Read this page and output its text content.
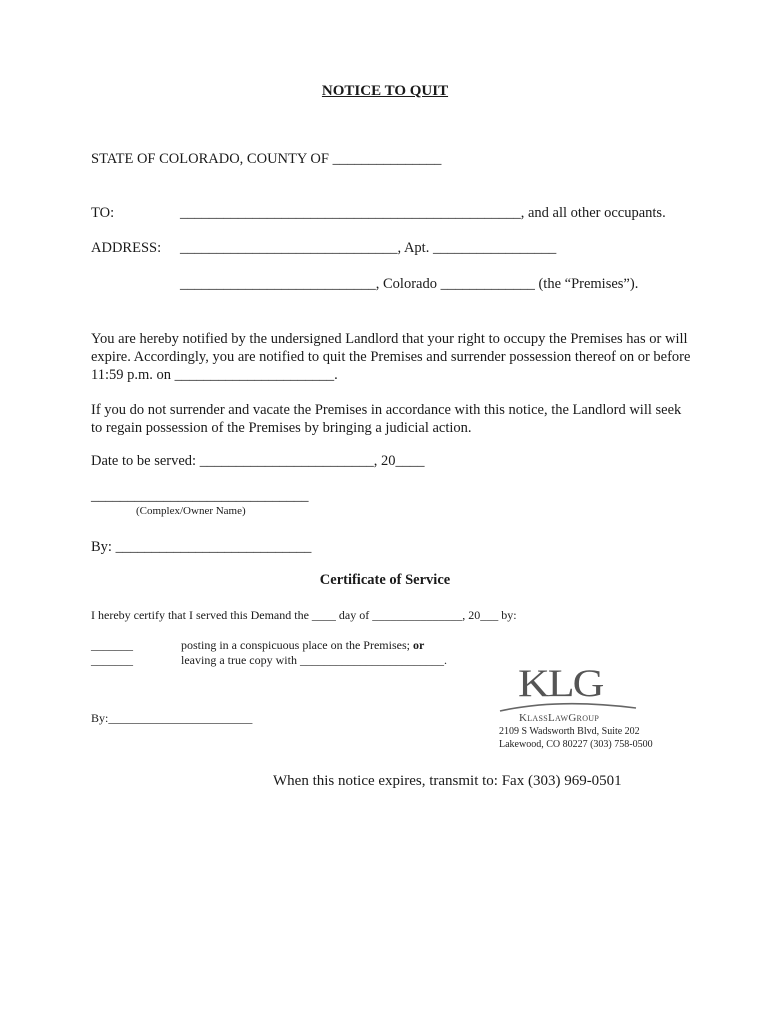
NOTICE TO QUIT
STATE OF COLORADO, COUNTY OF _______________
TO:	_______________________________________________, and all other occupants.
ADDRESS: ______________________________, Apt. _________________
___________________________, Colorado _____________ (the “Premises”).
You are hereby notified by the undersigned Landlord that your right to occupy the Premises has or will expire. Accordingly, you are notified to quit the Premises and surrender possession thereof on or before 11:59 p.m. on ______________________.
If you do not surrender and vacate the Premises in accordance with this notice, the Landlord will seek to regain possession of the Premises by bringing a judicial action.
Date to be served: ________________________, 20____
______________________________
(Complex/Owner Name)
By: ___________________________
Certificate of Service
I hereby certify that I served this Demand the ____ day of _______________, 20___ by:
_______	posting in a conspicuous place on the Premises; or
_______	leaving a true copy with ________________________.
By:________________________
KLG
KlassLawGroup
2109 S Wadsworth Blvd, Suite 202
Lakewood, CO 80227 (303) 758-0500
When this notice expires, transmit to: Fax (303) 969-0501
